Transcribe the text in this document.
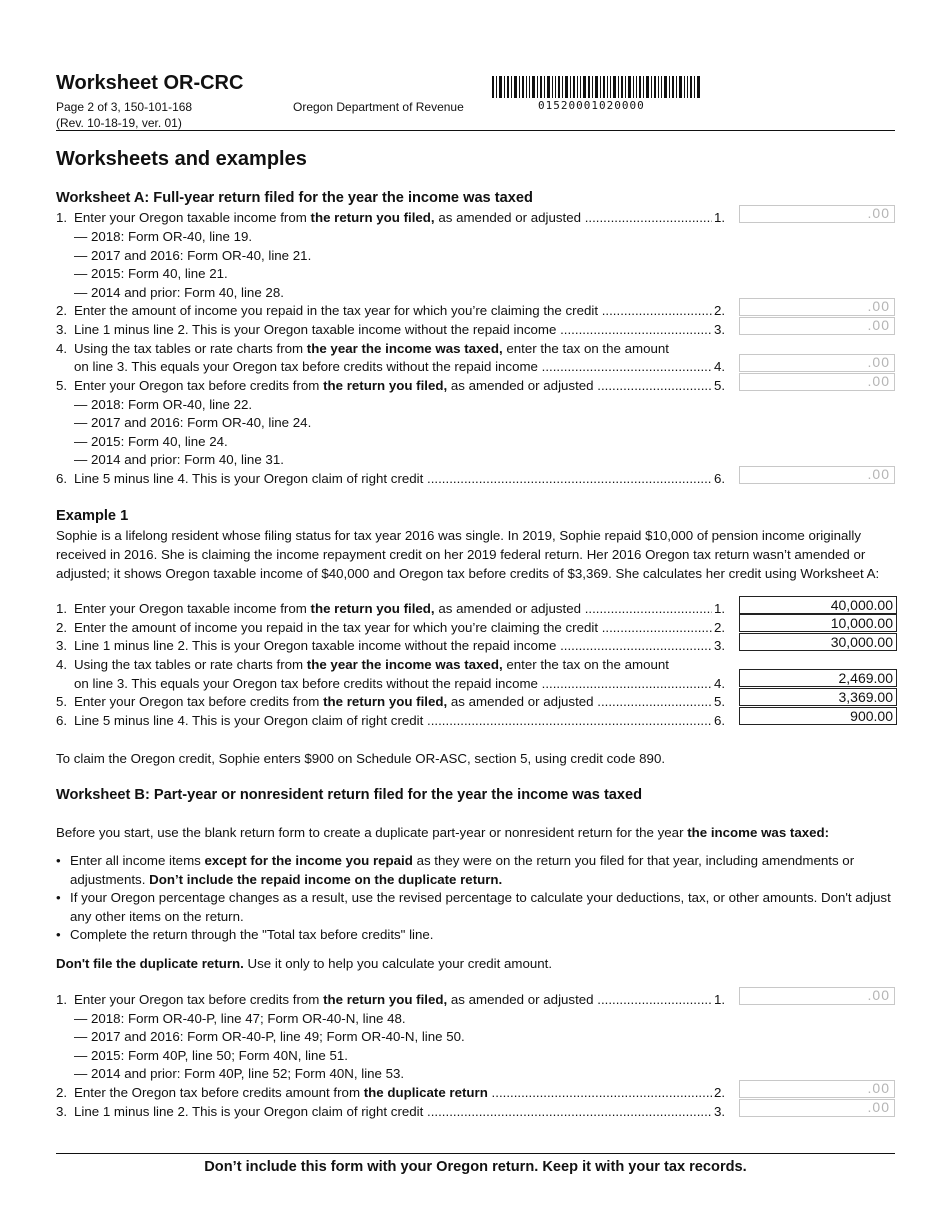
Worksheet OR-CRC
Page 2 of 3, 150-101-168
(Rev. 10-18-19, ver. 01)
Oregon Department of Revenue	01520001020000
Worksheets and examples
Worksheet A: Full-year return filed for the year the income was taxed
1. Enter your Oregon taxable income from the return you filed, as amended or adjusted .....	1.	.00
— 2018: Form OR-40, line 19.
— 2017 and 2016: Form OR-40, line 21.
— 2015: Form 40, line 21.
— 2014 and prior: Form 40, line 28.
2. Enter the amount of income you repaid in the tax year for which you’re claiming the credit .....	2.	.00
3. Line 1 minus line 2. This is your Oregon taxable income without the repaid income .....	3.	.00
4. Using the tax tables or rate charts from the year the income was taxed, enter the tax on the amount
on line 3. This equals your Oregon tax before credits without the repaid income .....	4.	.00
5. Enter your Oregon tax before credits from the return you filed, as amended or adjusted .....	5.	.00
— 2018: Form OR-40, line 22.
— 2017 and 2016: Form OR-40, line 24.
— 2015: Form 40, line 24.
— 2014 and prior: Form 40, line 31.
6. Line 5 minus line 4. This is your Oregon claim of right credit .....	6.	.00
Example 1
Sophie is a lifelong resident whose filing status for tax year 2016 was single. In 2019, Sophie repaid $10,000 of pension income originally received in 2016. She is claiming the income repayment credit on her 2019 federal return. Her 2016 Oregon tax return wasn’t amended or adjusted; it shows Oregon taxable income of $40,000 and Oregon tax before credits of $3,369. She calculates her credit using Worksheet A:
1. Enter your Oregon taxable income from the return you filed, as amended or adjusted .....	1.	40,000.00
2. Enter the amount of income you repaid in the tax year for which you’re claiming the credit .....	2.	10,000.00
3. Line 1 minus line 2. This is your Oregon taxable income without the repaid income .....	3.	30,000.00
4. Using the tax tables or rate charts from the year the income was taxed, enter the tax on the amount
on line 3. This equals your Oregon tax before credits without the repaid income .....	4.	2,469.00
5. Enter your Oregon tax before credits from the return you filed, as amended or adjusted .....	5.	3,369.00
6. Line 5 minus line 4. This is your Oregon claim of right credit .....	6.	900.00
To claim the Oregon credit, Sophie enters $900 on Schedule OR-ASC, section 5, using credit code 890.
Worksheet B: Part-year or nonresident return filed for the year the income was taxed
Before you start, use the blank return form to create a duplicate part-year or nonresident return for the year the income was taxed:
• Enter all income items except for the income you repaid as they were on the return you filed for that year, including amendments or adjustments. Don’t include the repaid income on the duplicate return.
• If your Oregon percentage changes as a result, use the revised percentage to calculate your deductions, tax, or other amounts. Don't adjust any other items on the return.
• Complete the return through the "Total tax before credits" line.
Don't file the duplicate return. Use it only to help you calculate your credit amount.
1. Enter your Oregon tax before credits from the return you filed, as amended or adjusted .....	1.	.00
— 2018: Form OR-40-P, line 47; Form OR-40-N, line 48.
— 2017 and 2016: Form OR-40-P, line 49; Form OR-40-N, line 50.
— 2015: Form 40P, line 50; Form 40N, line 51.
— 2014 and prior: Form 40P, line 52; Form 40N, line 53.
2. Enter the Oregon tax before credits amount from the duplicate return .....	2.	.00
3. Line 1 minus line 2. This is your Oregon claim of right credit .....	3.	.00
Don’t include this form with your Oregon return. Keep it with your tax records.
